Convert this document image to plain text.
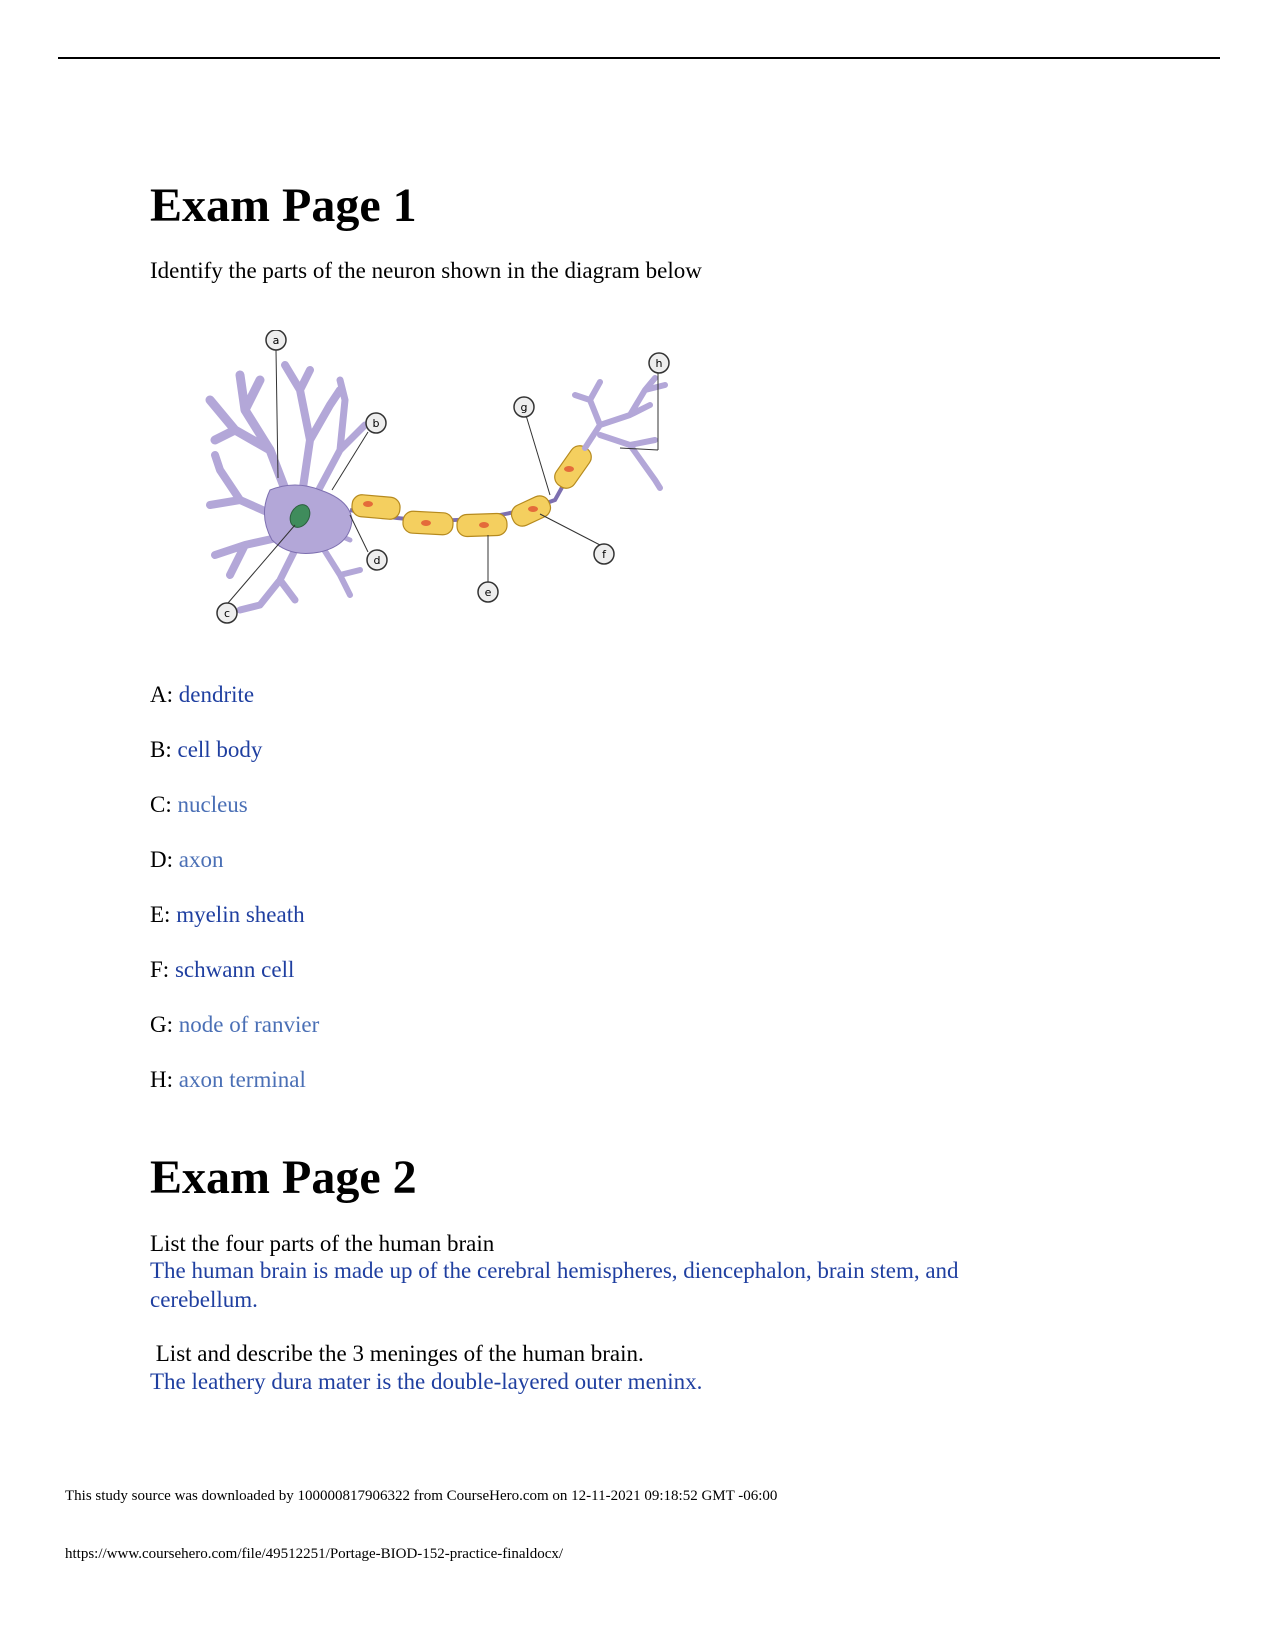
Exam Page 1

Identify the parts of the neuron shown in the diagram below

A: dendrite
B: cell body
C: nucleus
D: axon
E: myelin sheath
F: schwann cell
G: node of ranvier
H: axon terminal
Exam Page 2

List the four parts of the human brain

The human brain is made up of the cerebral hemispheres, diencephalon, brain stem, and cerebellum.

List and describe the 3 meninges of the human brain.

The leathery dura mater is the double-layered outer meninx.

a
b
c
d
e
f
g
h
This study source was downloaded by 100000817906322 from CourseHero.com on 12-11-2021 09:18:52 GMT -06:00
https://www.coursehero.com/file/49512251/Portage-BIOD-152-practice-finaldocx/
